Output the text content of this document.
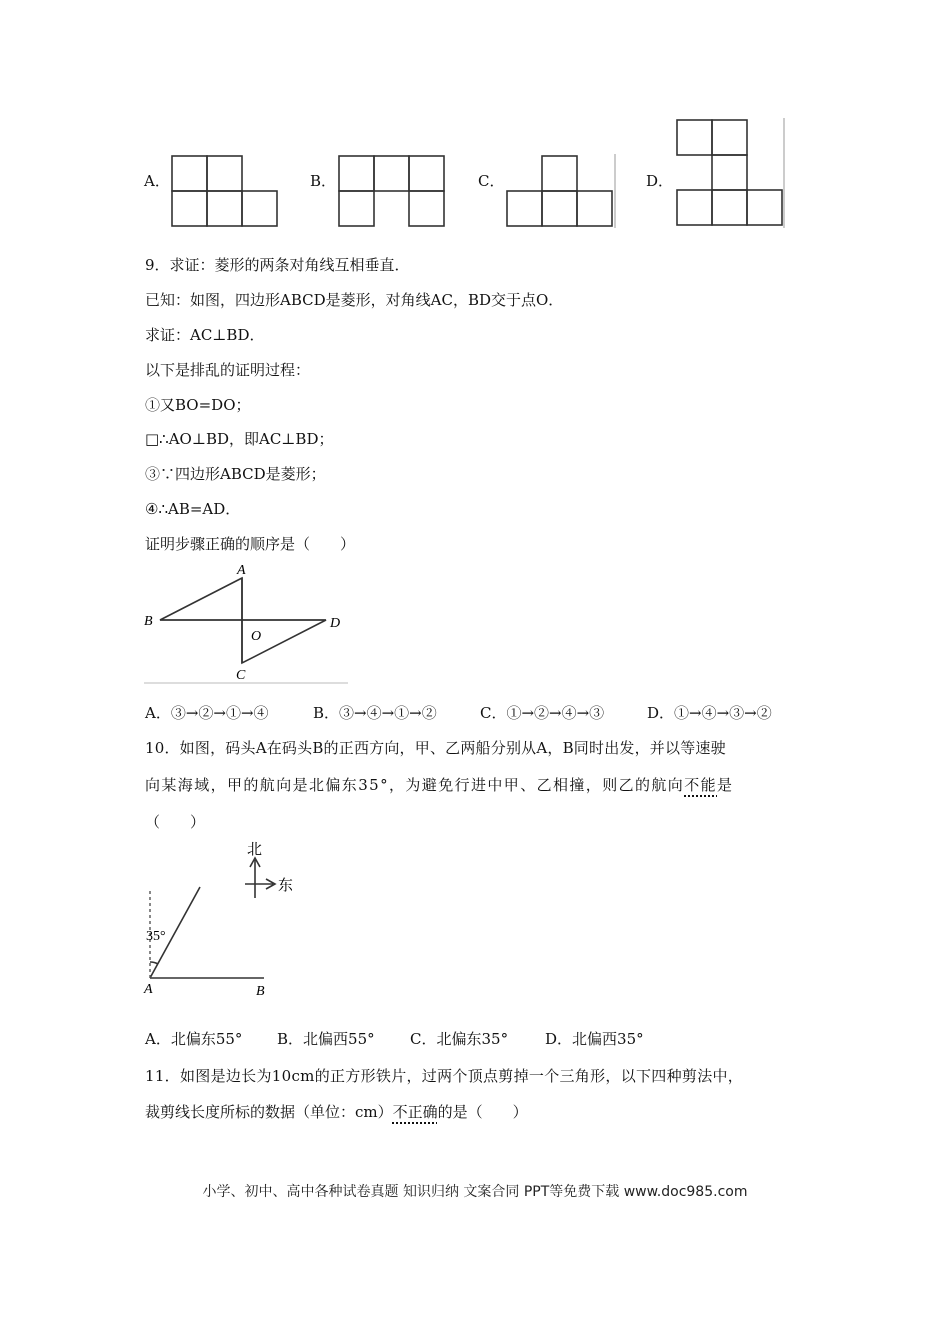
A．	B．	C．	D．
9．求证：菱形的两条对角线互相垂直．
已知：如图，四边形ABCD是菱形，对角线AC，BD交于点O．
求证：AC⊥BD．
以下是排乱的证明过程：
①又BO=DO；
□∴AO⊥BD，即AC⊥BD；
③∵四边形ABCD是菱形；
④∴AB=AD．
证明步骤正确的顺序是（　　）
A
B	D
O
C
A．③→②→①→④	B．③→④→①→②	C．①→②→④→③	D．①→④→③→②
10．如图，码头A在码头B的正西方向，甲、乙两船分别从A，B同时出发，并以等速驶
向某海域，甲的航向是北偏东35°，为避免行进中甲、乙相撞，则乙的航向不能是
（　　）
北
东
35°
A	B
A．北偏东55° B．北偏西55° C．北偏东35° D．北偏西35°
11．如图是边长为10cm的正方形铁片，过两个顶点剪掉一个三角形，以下四种剪法中，
裁剪线长度所标的数据（单位：cm）不正确的是（　　）
小学、初中、高中各种试卷真题 知识归纳 文案合同 PPT等免费下载 www.doc985.com
